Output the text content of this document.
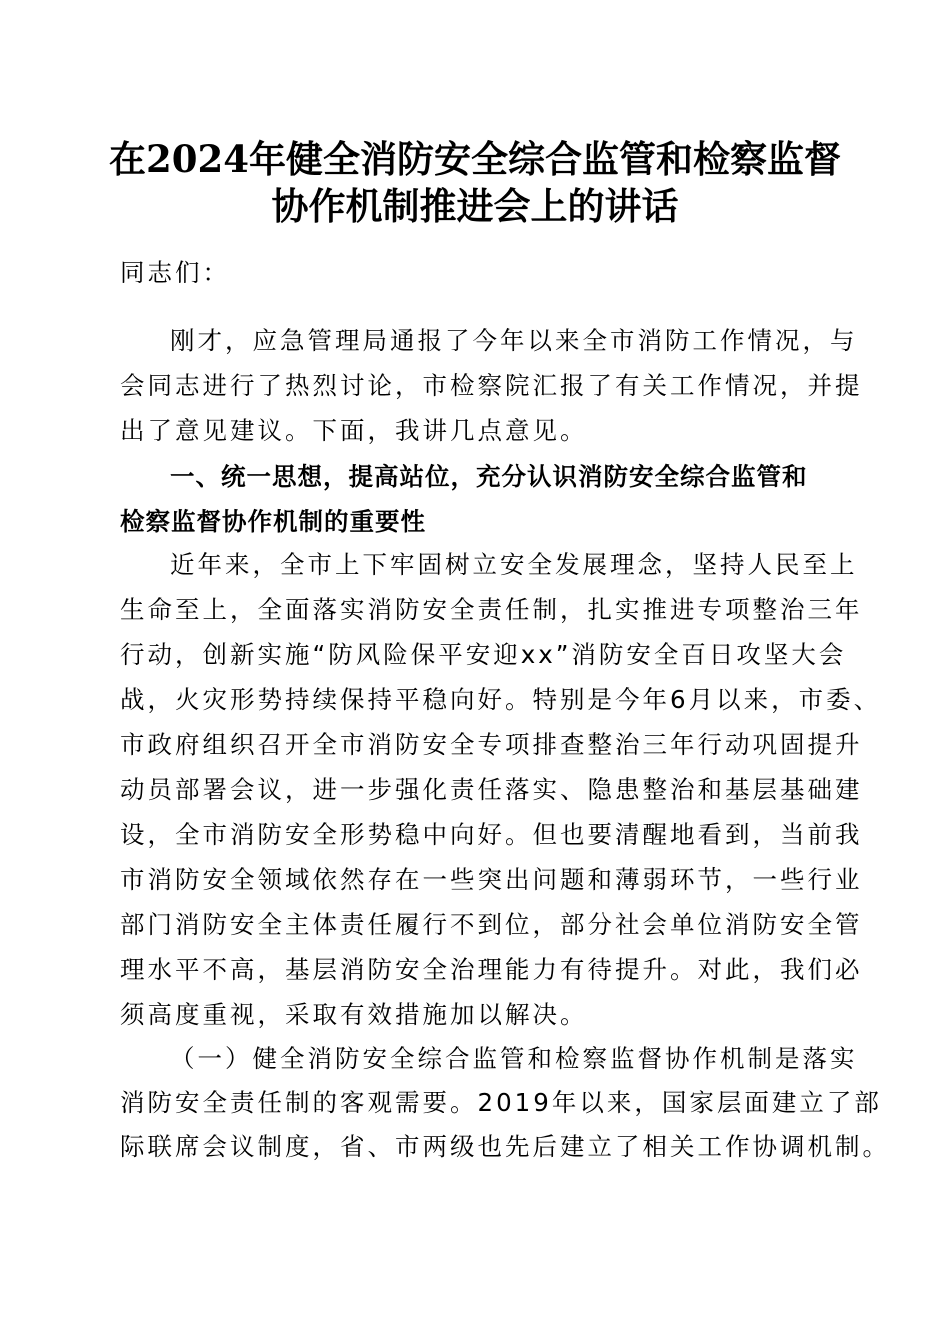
在2024年健全消防安全综合监管和检察监督
协作机制推进会上的讲话
同志们：
刚才，应急管理局通报了今年以来全市消防工作情况，与
会同志进行了热烈讨论，市检察院汇报了有关工作情况，并提
出了意见建议。下面，我讲几点意见。
一、统一思想，提高站位，充分认识消防安全综合监管和
检察监督协作机制的重要性
近年来，全市上下牢固树立安全发展理念，坚持人民至上
生命至上，全面落实消防安全责任制，扎实推进专项整治三年
行动，创新实施“防风险保平安迎xx”消防安全百日攻坚大会
战，火灾形势持续保持平稳向好。特别是今年6月以来，市委、
市政府组织召开全市消防安全专项排查整治三年行动巩固提升
动员部署会议，进一步强化责任落实、隐患整治和基层基础建
设，全市消防安全形势稳中向好。但也要清醒地看到，当前我
市消防安全领域依然存在一些突出问题和薄弱环节，一些行业
部门消防安全主体责任履行不到位，部分社会单位消防安全管
理水平不高，基层消防安全治理能力有待提升。对此，我们必
须高度重视，采取有效措施加以解决。
（一）健全消防安全综合监管和检察监督协作机制是落实
消防安全责任制的客观需要。2019年以来，国家层面建立了部
际联席会议制度，省、市两级也先后建立了相关工作协调机制。
